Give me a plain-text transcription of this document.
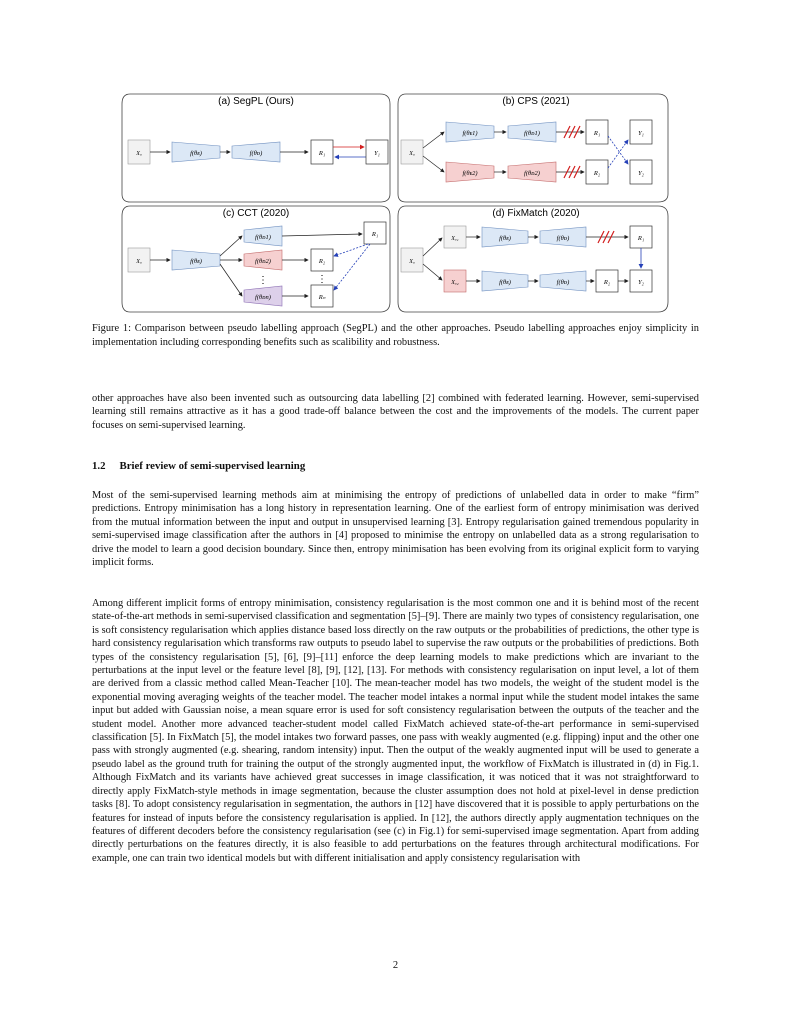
(a) SegPL (Ours)
Xᵤ	f(θᴇ)	f(θᴅ)	R₁	Y₁
(b) CPS (2021)
Xᵤ
f(θᴇ1)	f(θᴅ1)	R₁	Y₁
f(θᴇ2)	f(θᴅ2)	R₂	Y₂
(c) CCT (2020)
Xᵤ	f(θᴇ)
f(θᴅ1)
f(θᴅ2)
⋮
f(θᴅn)
R₁
R₂
⋮
Rₙ
(d) FixMatch (2020)
Xᵤ
Xᵤ₁	f(θᴇ)	f(θᴅ)	R₁
Xᵤ₂	f(θᴇ)	f(θᴅ)	R₂	Y₂
Figure 1: Comparison between pseudo labelling approach (SegPL) and the other approaches. Pseudo labelling approaches enjoy simplicity in implementation including corresponding benefits such as scalibility and robustness.

other approaches have also been invented such as outsourcing data labelling [2] combined with federated learning. However, semi-supervised learning still remains attractive as it has a good trade-off balance between the cost and the improvements of the models. The current paper focuses on semi-supervised learning.

1.2 Brief review of semi-supervised learning

Most of the semi-supervised learning methods aim at minimising the entropy of predictions of unlabelled data in order to make “firm” predictions. Entropy minimisation has a long history in representation learning. One of the earliest form of entropy minimisation was derived from the mutual information between the input and output in unsupervised learning [3]. Entropy regularisation gained tremendous popularity in semi-supervised image classification after the authors in [4] proposed to minimise the entropy on unlabelled data as a strong regularisation to drive the model to learn a good decision boundary. Since then, entropy minimisation has been evolving from its original explicit form to varying implicit forms.

Among different implicit forms of entropy minimisation, consistency regularisation is the most common one and it is behind most of the recent state-of-the-art methods in semi-supervised classification and segmentation [5]–[9]. There are mainly two types of consistency regularisation, one is soft consistency regularisation which applies distance based loss directly on the raw outputs or the probabilities of predictions, the other type is hard consistency regularisation which transforms raw outputs to pseudo label to supervise the raw outputs or the probabilities of predictions. Both types of the consistency regularisation [5], [6], [9]–[11] enforce the deep learning models to make predictions which are invariant to the perturbations at the input level or the feature level [8], [9], [12], [13]. For methods with consistency regularisation on input level, a lot of them are derived from a classic method called Mean-Teacher [10]. The mean-teacher model has two models, the weight of the student model is the exponential moving averaging weights of the teacher model. The teacher model intakes a normal input while the student model intakes the same input but added with Gaussian noise, a mean square error is used for soft consistency regularisation between the outputs of the teacher and the student model. Another more advanced teacher-student model called FixMatch achieved state-of-the-art performance in semi-supervised classification [5]. In FixMatch [5], the model intakes two forward passes, one pass with weakly augmented (e.g. flipping) input and the other one pass with strongly augmented (e.g. shearing, random intensity) input. Then the output of the weakly augmented input will be used to generate a pseudo label as the ground truth for training the output of the strongly augmented input, the workflow of FixMatch is illustrated in (d) in Fig.1. Although FixMatch and its variants have achieved great successes in image classification, it was noticed that it was not straightforward to directly apply FixMatch-style methods in image segmentation, because the cluster assumption does not hold at pixel-level in dense prediction tasks [8]. To adopt consistency regularisation in segmentation, the authors in [12] have discovered that it is possible to apply perturbations on the features for instead of inputs before the consistency regularisation is applied. In [12], the authors directly apply augmentation techniques on the features of different decoders before the consistency regularisation (see (c) in Fig.1) for semi-supervised image segmentation. Apart from adding directly perturbations on the features directly, it is also feasible to add perturbations on the features through architectural modifications. For example, one can train two identical models but with different initialisation and apply consistency regularisation with

2
